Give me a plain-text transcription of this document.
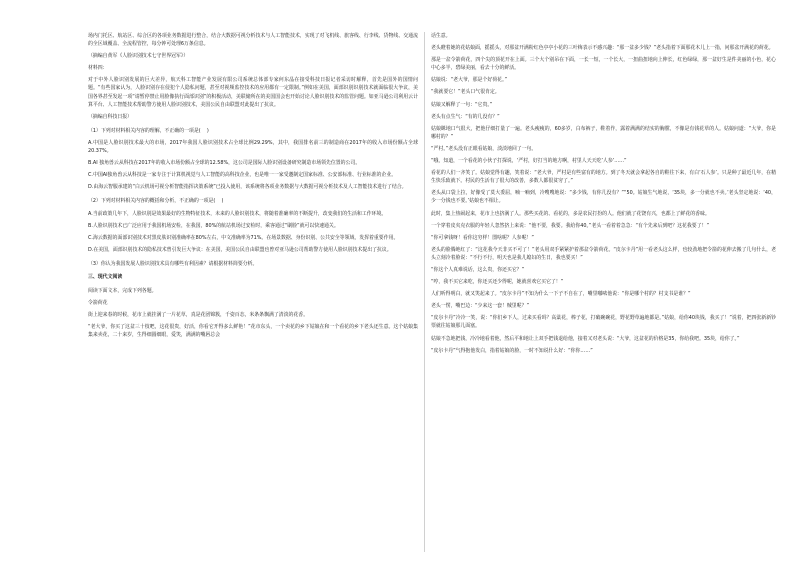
场内门托区、航站区、综合区的各项业务数据进行整合，结合大数据可视分析技术与人工智能技术，实现了对飞机线、旅客线、行李线、货物线、交通流的全区域覆盖、全流程管控，每分钟可处理6万条信息。

（摘编自黄军《人脸识别技术七守世界冠军》）

材料四：

对于中外人脸识别发展的巨大差异，航天科工智能产业发展有限公司系统总体部专家何东晶在接受科技日报记者采访时解释，首先是国外的国情问题。“有些国家认为，人脸识别存在侵犯个人隐私问题，甚至对视频监控技术的应用都有一定限制。”例如在美国，面部识别识别技术就面临很大争议，美国各界甚至发起一项“请暂停禁止用脸像执行面部识别”的积极活动，美联储所在的美国国会也开始讨论人脸识别技术的监管问题。如亚马逊公司利用云计算平台、人工智能技术帮助警方使用人脸识别技术，美国公民自由联盟对此提出了抗议。

（摘编自科技日报）

（1）下列对材料相关内容的理解，不正确的一项是(    )

A.中国是人脸识别技术最大的市场，2017年我国人脸识别技术占全球比例29.29%，其中，我国排名前三的制造商在2017年的收入市场份额占全球20.37%。

B.AI 独角兽云从科技在2017年的收入市场份额占全球的12.58%，这公司是国际人脸识别设备研究制造市场领先位置的公司。

C.中国AI独角兽云从科技是一家专注于计算机视觉与人工智能的高科技企业，也是唯一一家受邀制定国家标准、公安部标准、行业标准的企业。

D.由海云智服承建的“白云机场可视分析智能指挥决策系统”已投入使用，该系统将各项业务数据与大数据可视分析技术及人工智能技术进行了结合。

（2）下列对材料相关内容的概括和分析，不正确的一项是(    )

A.当前政策几年下，人脸识别是效果最好的生物特征技术，未来的人脸识别技术，将随着准确率的不断提升，改变我们的生活和工作环境。

B.人脸识别技术已广泛应用于我国机场安检，在我国，80%的航站机场过安检时，乘客通过“刷脸”就可以快速通关。

C.海云数据的面部识别技术对黑皮肤识别准确率在80%左右，中文准确率为71%。在场景数据、身份识别、公共安全等领域，发挥着重要作用。

D.在美国，面部识别技术的隐私技术曾引发巨大争议：在美国，美国公民自由联盟也曾对亚马逊公司帮助警方使用人脸识别技术提出了抗议。

（3）你认为我国发展人脸识别技术具有哪些有利因素？请根据材料简要分析。

三、现代文阅读

阅读下面文本，完成下列各题。

令箭荷花

街上迎来春的时候，花市上就挂满了一片花草，真是花团锦簇，千姿百态，米条条飘满了清淡的花香。

“老大爷，你买了这盆三十枝吧，这花很贵，好活，你看它开得多么鲜艳！”花市东头，一个卖花的乡下姑娘在和一个看花的乡下老头还生意。这个姑娘集集来卖花，二十来岁，生得细圆细眼，爱笑，满满的嘴唇总会

话生意。

老头瞪着她的花姑娘面，摇摇头，对那盆开满粉红色亭亭小花的三叶梅表示不感兴趣：“那一盆多少钱？”老头指着下面那花木儿上一指，问那盆开满花的荷花。

那是一盆令箭荷花，四个尖的顶花开在上面。三个大个别吊在下面，一长一短，一个长大，一扭曲扭地向上伸长，红色绿绿，那一盆好生是件美丽的小色，花心中心多半，碧绿美丽，看去十分的鲜活。

姑娘说：“老大爷，那是个好荷花。”

“我就要它！”老头口气很肯定。

姑娘又解释了一句：“它贵。”

老头有点生气：“有的几没有？”

姑娘眯地口气很大，把他仔细打量了一遍。老头瘦瘦的，60多岁，白布裤子，鞋着作，露着满满的结实的胸膛，不像是有钱花草的人。姑娘问道：“大爷，你是哪村的？”

“严村。”老头没有正眼看姑娘，淡淡地回了一句。

“哦，知道，一个看花的小伙子打探说，‘严村，好打当的地方啊，村里人天天吃’人参’……”

看花的人们一齐笑了。姑娘觉得有趣，笑着说：“老大爷，严村是有些富有的地方。到了冬天就会拿起各自的鞋往下来，有白‘石人参’。只是种了最近几年，在精生快乐致就下。村民的生活有了很大的改善，多数人都很贫穷了。”

老头从口袋上拉，好像受了莫大委屈，喃一喃到，冷嗖嗖地说：“多少钱，有你几没有？”“50。姑娘生气地说，‘35块，多一分就也不卖。’老头坚定地说：‘40，少一分钱也不要。’姑娘也不相让。

此时，集上热闹起来，花市上也挤满了人。那些买花的、看花的，多是农民打扮的人。他们就了花饶有兴，也都上了鲜花的香味。

一个穿着皮夹克衣服的年轻人忽然挤上来说：“他不要，我要。我给你40。”老头一看着着急急：“有个先来后到吧？这花我要了！”

“你可拿钱呀！看你这穷样！图啥呢？人参呢！”

老头的脸腾地红了：“这花我今天非买不可了！”老头用双手紧紧护着那盆令箭荷花。“皮尔卡丹”用一看老头这么样，也较劲地把令箭的花伸去搬了几句什么，老头立刻冷着脸说：“不行不行，明天也是我儿媳妇的生日，我也要买！”

“你这个人真难说话，这么贵，你还买它？”

“哼，我不买它来吃，你还买还少得呢，她就喜欢它买它了！”

人们听得明白，就又笑起来了。“皮尔卡丹”不知为什么一下子不自在了，嘴里嘟哝他说：“你是哪个村的？村支书是谁？”

老头一愣，嘴巴边：“少来这一套！贼里呢？”

“皮尔卡丹”冷冷一笑，说：“你们乡下人，过来买看吗？高粱花，棒子花，打破碗碗花，野花野草遍地都是。”姑娘，给你40块钱，我买了！”说着，把四张新新钞票就往姑娘那儿面塞。

姑娘不急地把钱，冷冷地看着他，然后平和地让上双手把钱退给他，接着又对老头说：“大爷，这盆花的价格是35，你给我吧。35块，给你了。”

“皮尔卡丹”气得抱他发白，指着姑娘的脸，一时不知说什么好：“你你……”
